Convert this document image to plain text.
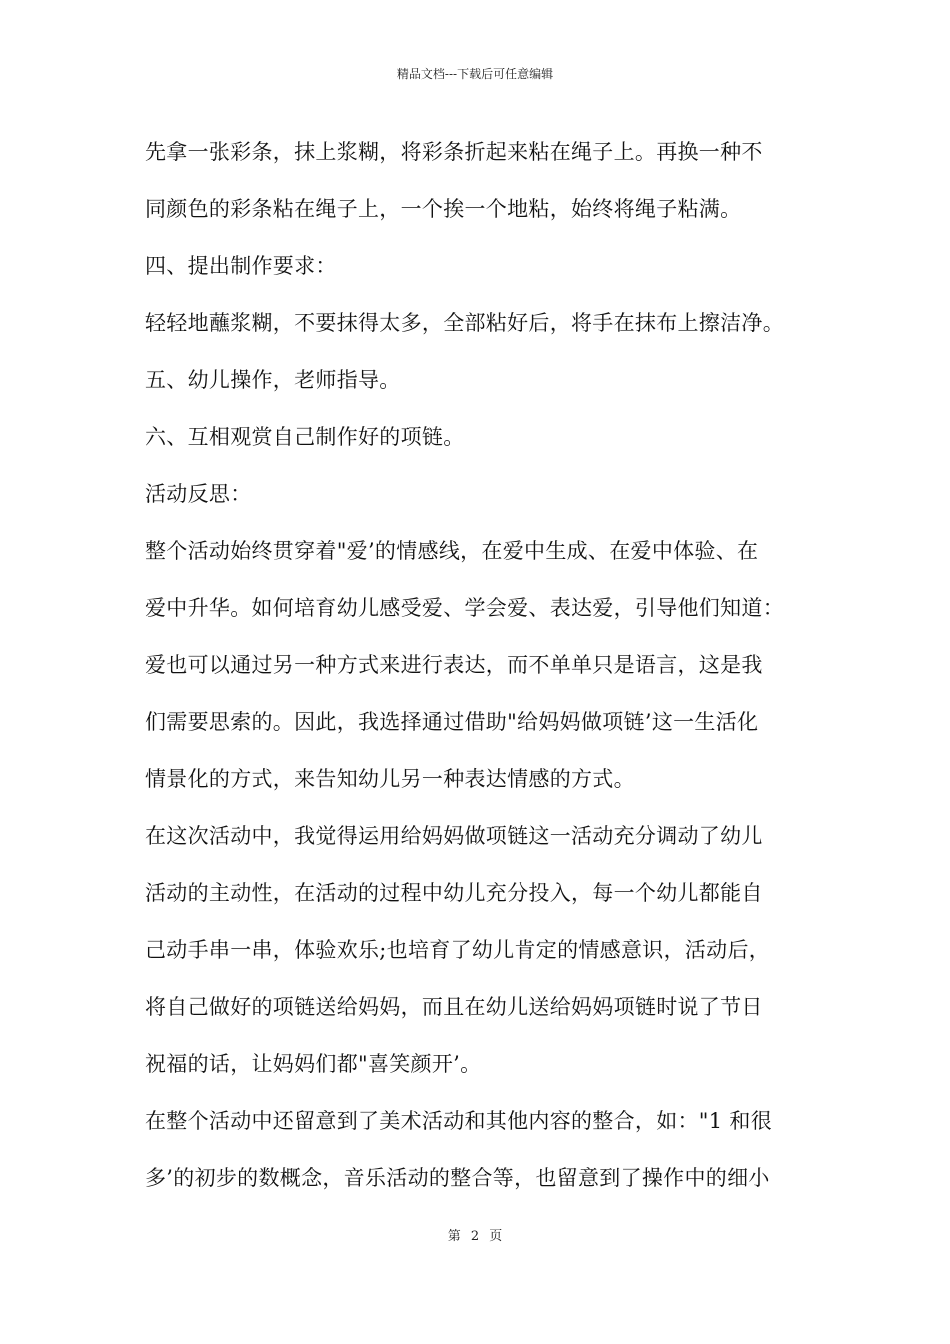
精品文档---下载后可任意编辑
先拿一张彩条，抹上浆糊，将彩条折起来粘在绳子上。再换一种不
同颜色的彩条粘在绳子上，一个挨一个地粘，始终将绳子粘满。
四、提出制作要求：
轻轻地蘸浆糊，不要抹得太多，全部粘好后，将手在抹布上擦洁净。
五、幼儿操作，老师指导。
六、互相观赏自己制作好的项链。
活动反思：
整个活动始终贯穿着"爱’的情感线，在爱中生成、在爱中体验、在
爱中升华。如何培育幼儿感受爱、学会爱、表达爱，引导他们知道：
爱也可以通过另一种方式来进行表达，而不单单只是语言，这是我
们需要思索的。因此，我选择通过借助"给妈妈做项链’这一生活化
情景化的方式，来告知幼儿另一种表达情感的方式。
在这次活动中，我觉得运用给妈妈做项链这一活动充分调动了幼儿
活动的主动性，在活动的过程中幼儿充分投入，每一个幼儿都能自
己动手串一串，体验欢乐;也培育了幼儿肯定的情感意识，活动后，
将自己做好的项链送给妈妈，而且在幼儿送给妈妈项链时说了节日
祝福的话，让妈妈们都"喜笑颜开’。
在整个活动中还留意到了美术活动和其他内容的整合，如："1 和很
多’的初步的数概念，音乐活动的整合等，也留意到了操作中的细小
第 2 页
